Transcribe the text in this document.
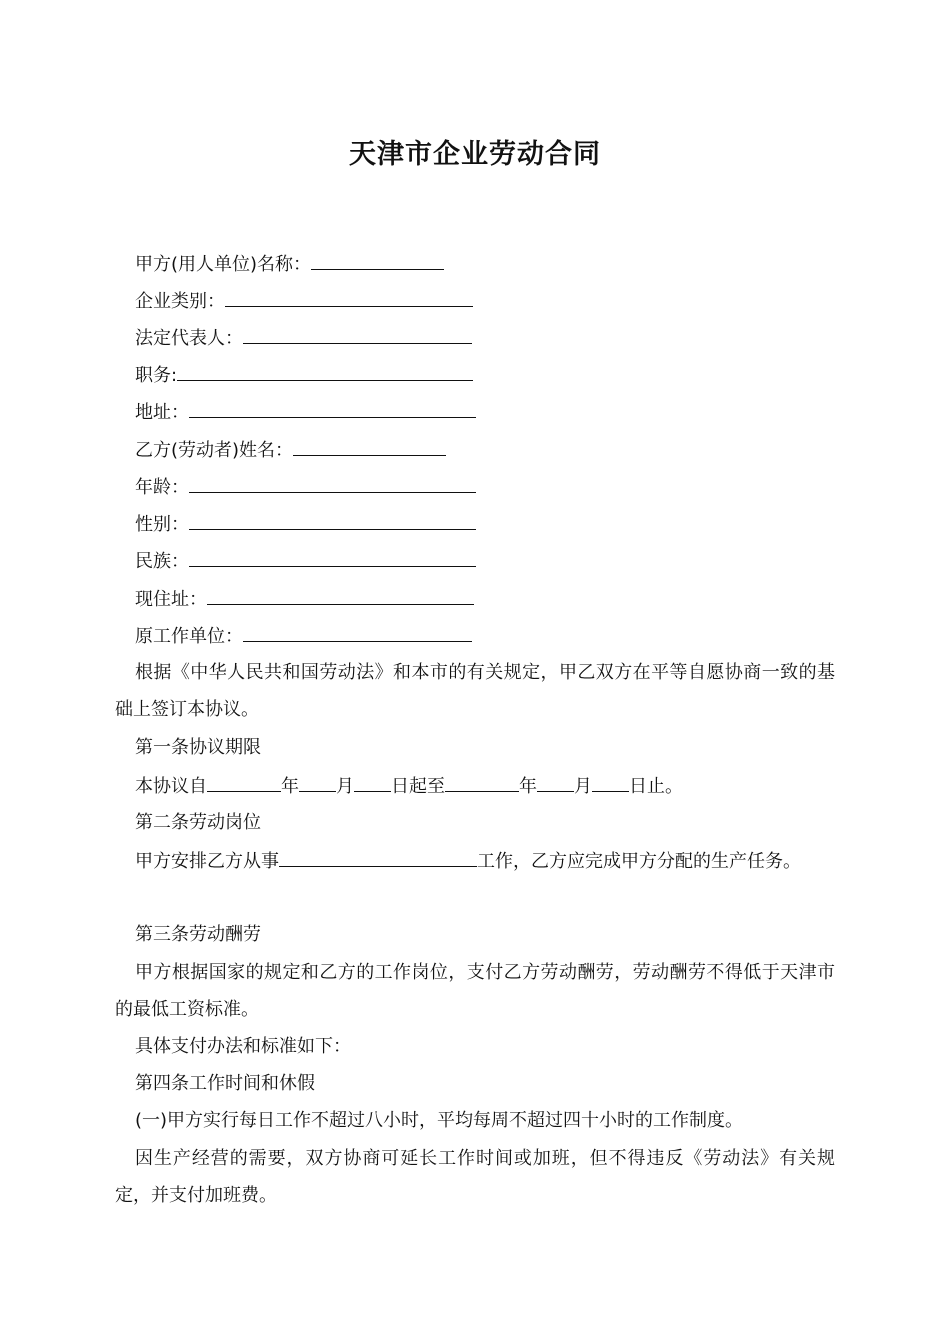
天津市企业劳动合同
甲方(用人单位)名称：
企业类别：
法定代表人：
职务:
地址：
乙方(劳动者)姓名：
年龄：
性别：
民族：
现住址：
原工作单位：
根据《中华人民共和国劳动法》和本市的有关规定，甲乙双方在平等自愿协商一致的基础上签订本协议。
第一条协议期限
本协议自	年 月 日起至	年 月 日止。
第二条劳动岗位
甲方安排乙方从事	工作，乙方应完成甲方分配的生产任务。
第三条劳动酬劳
甲方根据国家的规定和乙方的工作岗位，支付乙方劳动酬劳，劳动酬劳不得低于天津市的最低工资标准。
具体支付办法和标准如下：
第四条工作时间和休假
(一)甲方实行每日工作不超过八小时，平均每周不超过四十小时的工作制度。
因生产经营的需要，双方协商可延长工作时间或加班，但不得违反《劳动法》有关规定，并支付加班费。
